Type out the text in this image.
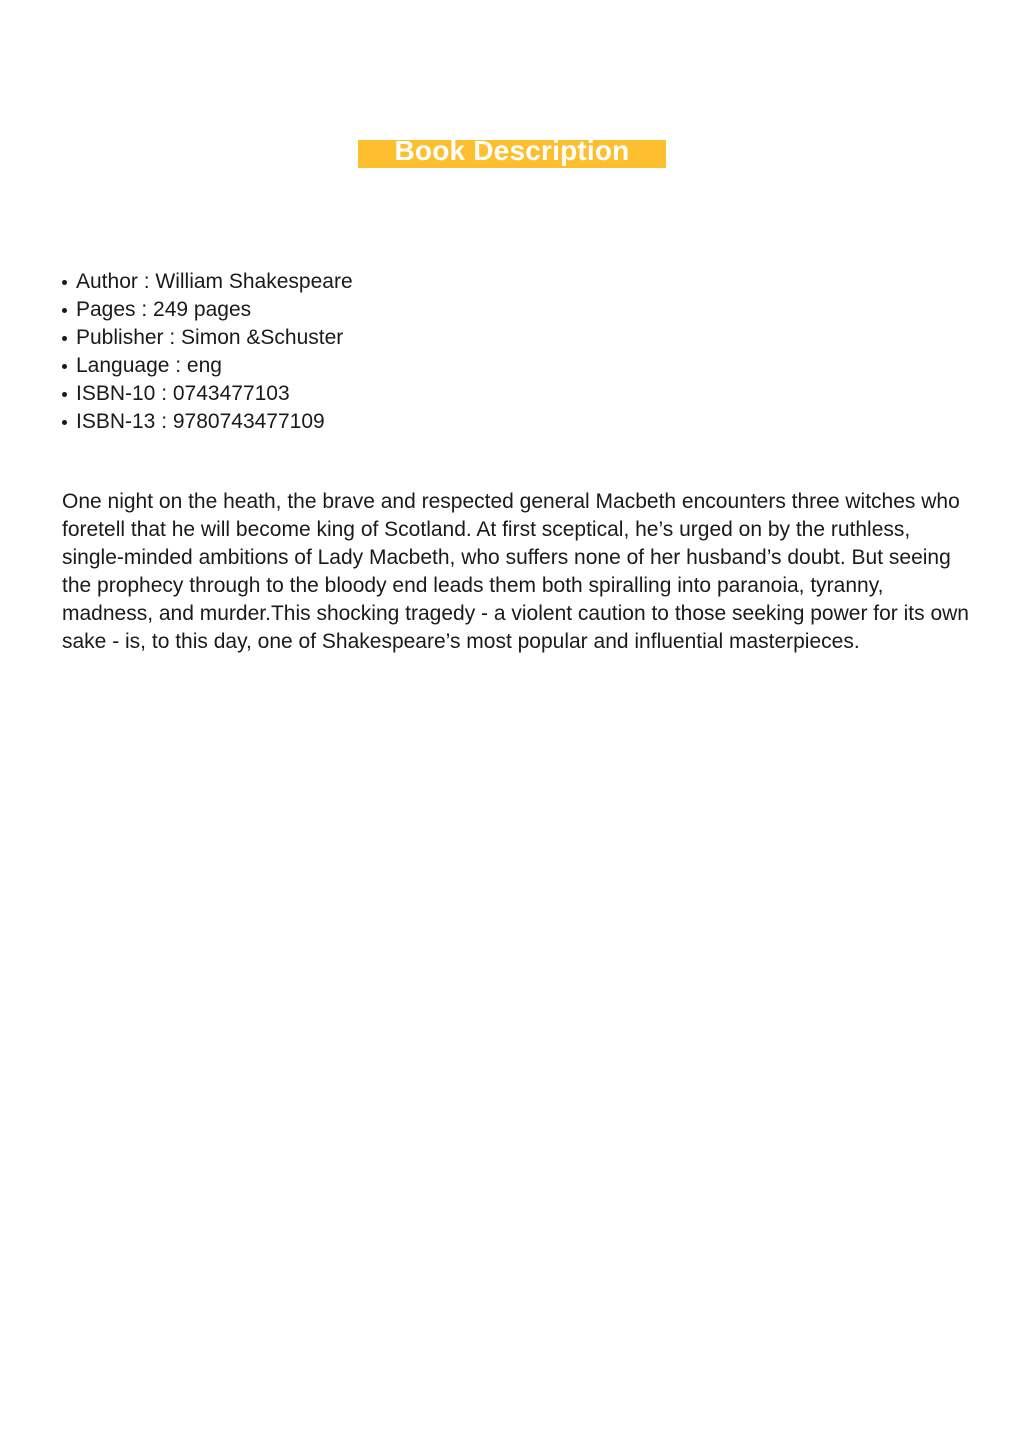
Book Description
Author : William Shakespeare
Pages : 249 pages
Publisher : Simon &Schuster
Language : eng
ISBN-10 : 0743477103
ISBN-13 : 9780743477109

One night on the heath, the brave and respected general Macbeth encounters three witches who foretell that he will become king of Scotland. At first sceptical, he’s urged on by the ruthless, single-minded ambitions of Lady Macbeth, who suffers none of her husband’s doubt. But seeing the prophecy through to the bloody end leads them both spiralling into paranoia, tyranny, madness, and murder.This shocking tragedy - a violent caution to those seeking power for its own sake - is, to this day, one of Shakespeare’s most popular and influential masterpieces.
